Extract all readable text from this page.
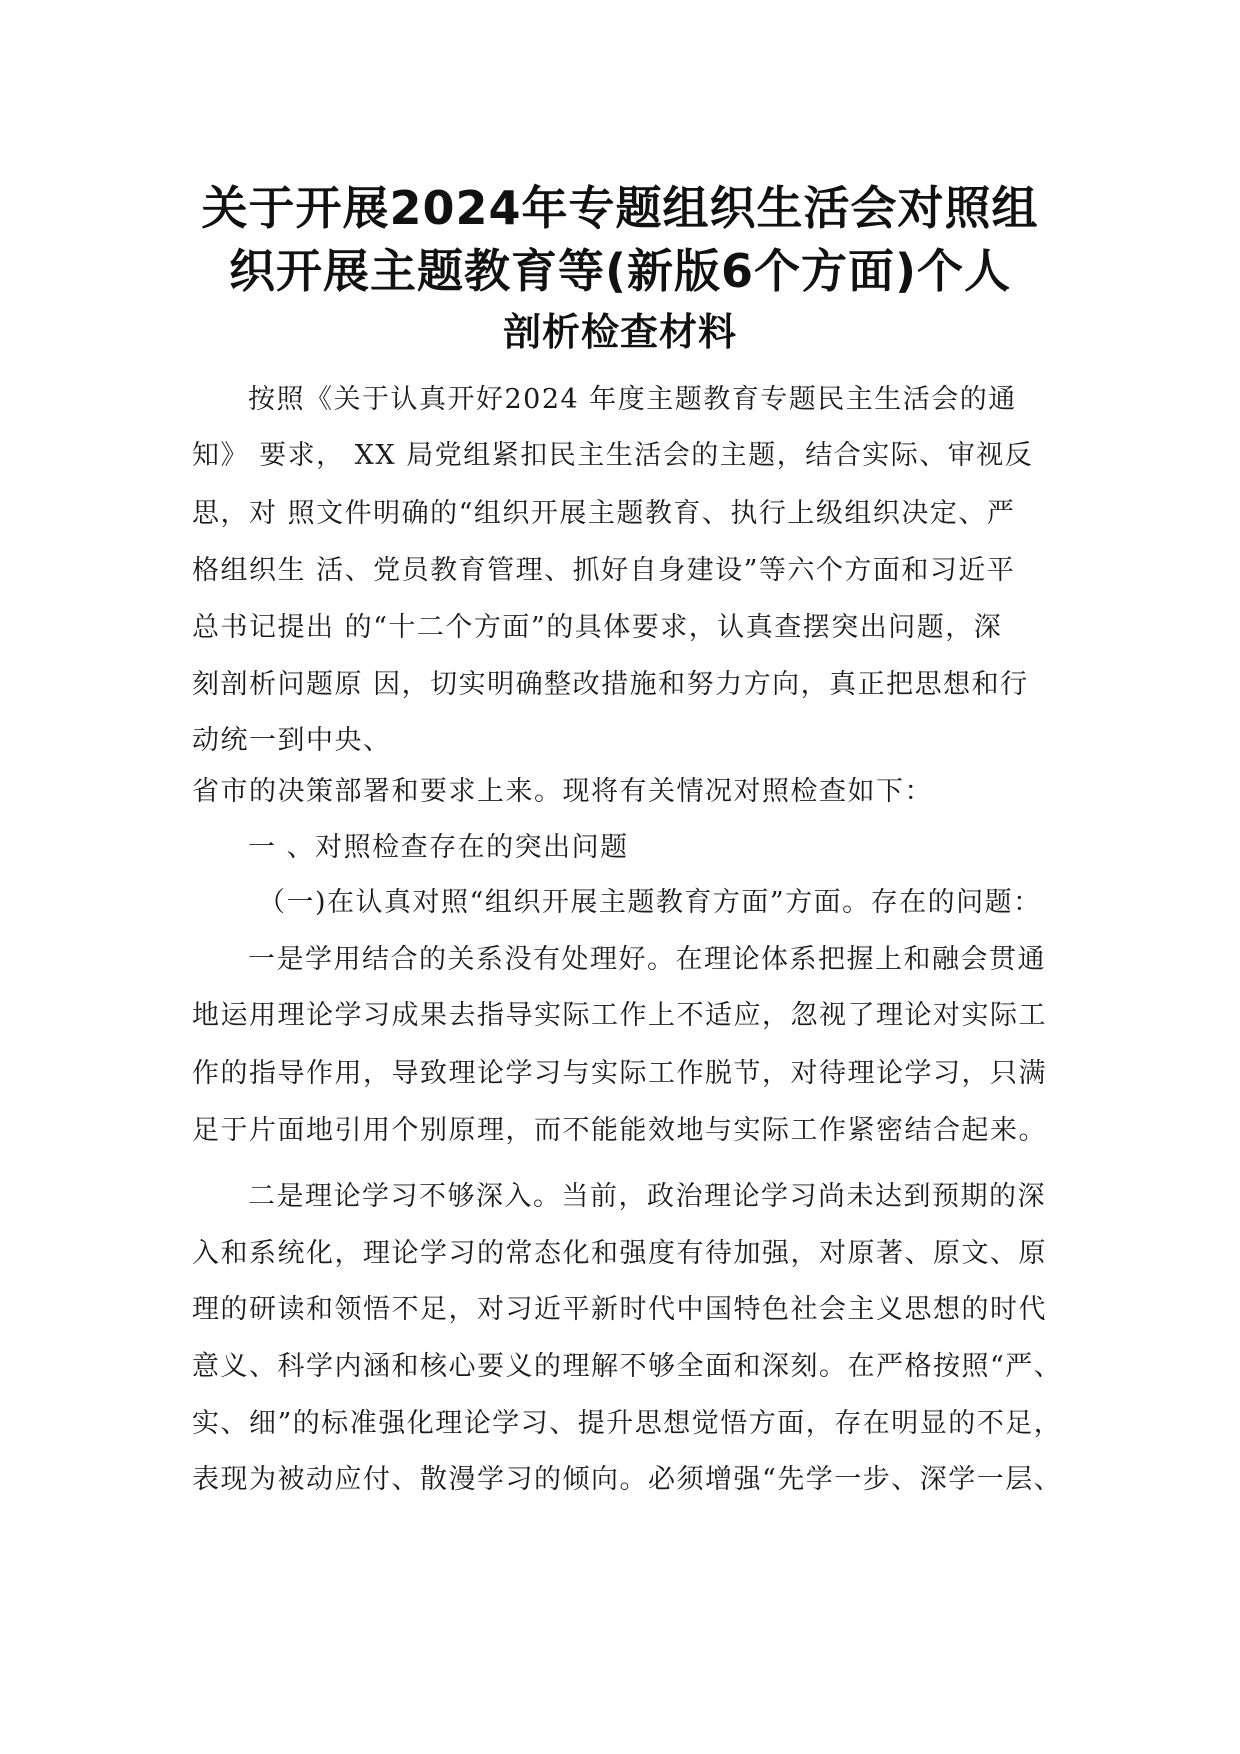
关于开展2024年专题组织生活会对照组
织开展主题教育等(新版6个方面)个人
剖析检查材料
按照《关于认真开好2024 年度主题教育专题民主生活会的通
知》 要求， XX 局党组紧扣民主生活会的主题，结合实际、审视反
思，对 照文件明确的“组织开展主题教育、执行上级组织决定、严
格组织生 活、党员教育管理、抓好自身建设”等六个方面和习近平
总书记提出 的“十二个方面”的具体要求，认真查摆突出问题，深
刻剖析问题原 因，切实明确整改措施和努力方向，真正把思想和行
动统一到中央、
省市的决策部署和要求上来。现将有关情况对照检查如下：
一 、对照检查存在的突出问题
（一)在认真对照“组织开展主题教育方面”方面。存在的问题：
一是学用结合的关系没有处理好。在理论体系把握上和融会贯通
地运用理论学习成果去指导实际工作上不适应，忽视了理论对实际工
作的指导作用，导致理论学习与实际工作脱节，对待理论学习，只满
足于片面地引用个别原理，而不能能效地与实际工作紧密结合起来。
二是理论学习不够深入。当前，政治理论学习尚未达到预期的深
入和系统化，理论学习的常态化和强度有待加强，对原著、原文、原
理的研读和领悟不足，对习近平新时代中国特色社会主义思想的时代
意义、科学内涵和核心要义的理解不够全面和深刻。在严格按照“严、
实、细”的标准强化理论学习、提升思想觉悟方面，存在明显的不足，
表现为被动应付、散漫学习的倾向。必须增强“先学一步、深学一层、
